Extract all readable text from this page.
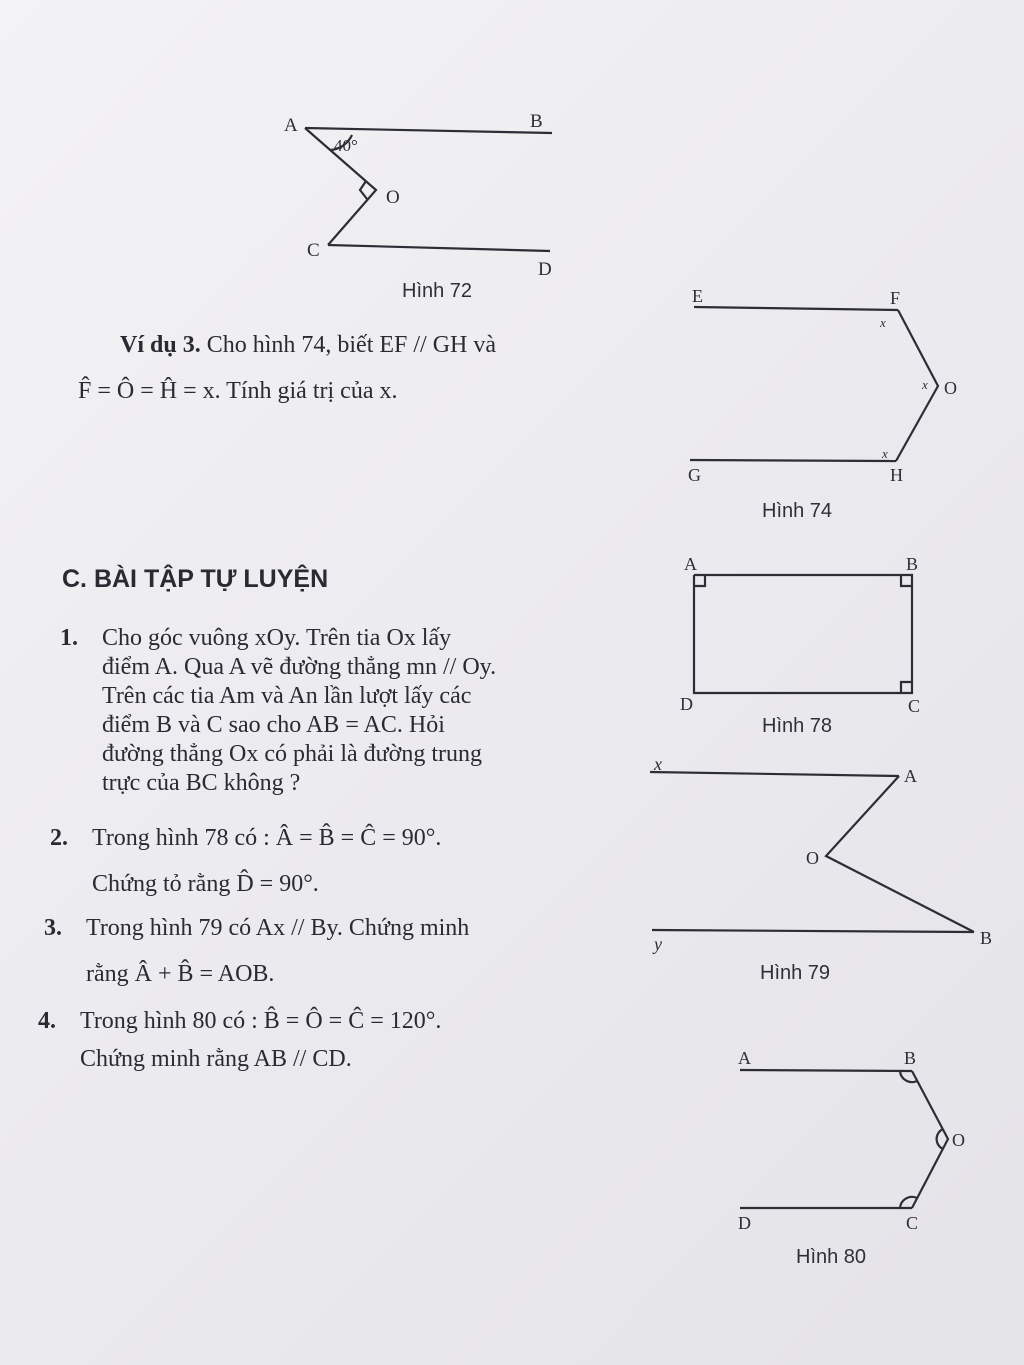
A	B
O
C
D
40°
E	F
O
G	H
x
x
x
A	B
C
D
x
A
O
y	B
A	B
O
D	C
Hình 72
Hình 74
Hình 78
Hình 79
Hình 80
Ví dụ 3. Cho hình 74, biết EF // GH và
F̂ = Ô = Ĥ = x. Tính giá trị của x.
C. BÀI TẬP TỰ LUYỆN
1. Cho góc vuông xOy. Trên tia Ox lấy
điểm A. Qua A vẽ đường thẳng mn // Oy.
Trên các tia Am và An lần lượt lấy các
điểm B và C sao cho AB = AC. Hỏi
đường thẳng Ox có phải là đường trung
trực của BC không ?
2. Trong hình 78 có : Â = B̂ = Ĉ = 90°.
Chứng tỏ rằng D̂ = 90°.
3. Trong hình 79 có Ax // By. Chứng minh
rằng Â + B̂ = AOB.
4. Trong hình 80 có : B̂ = Ô = Ĉ = 120°.
Chứng minh rằng AB // CD.
